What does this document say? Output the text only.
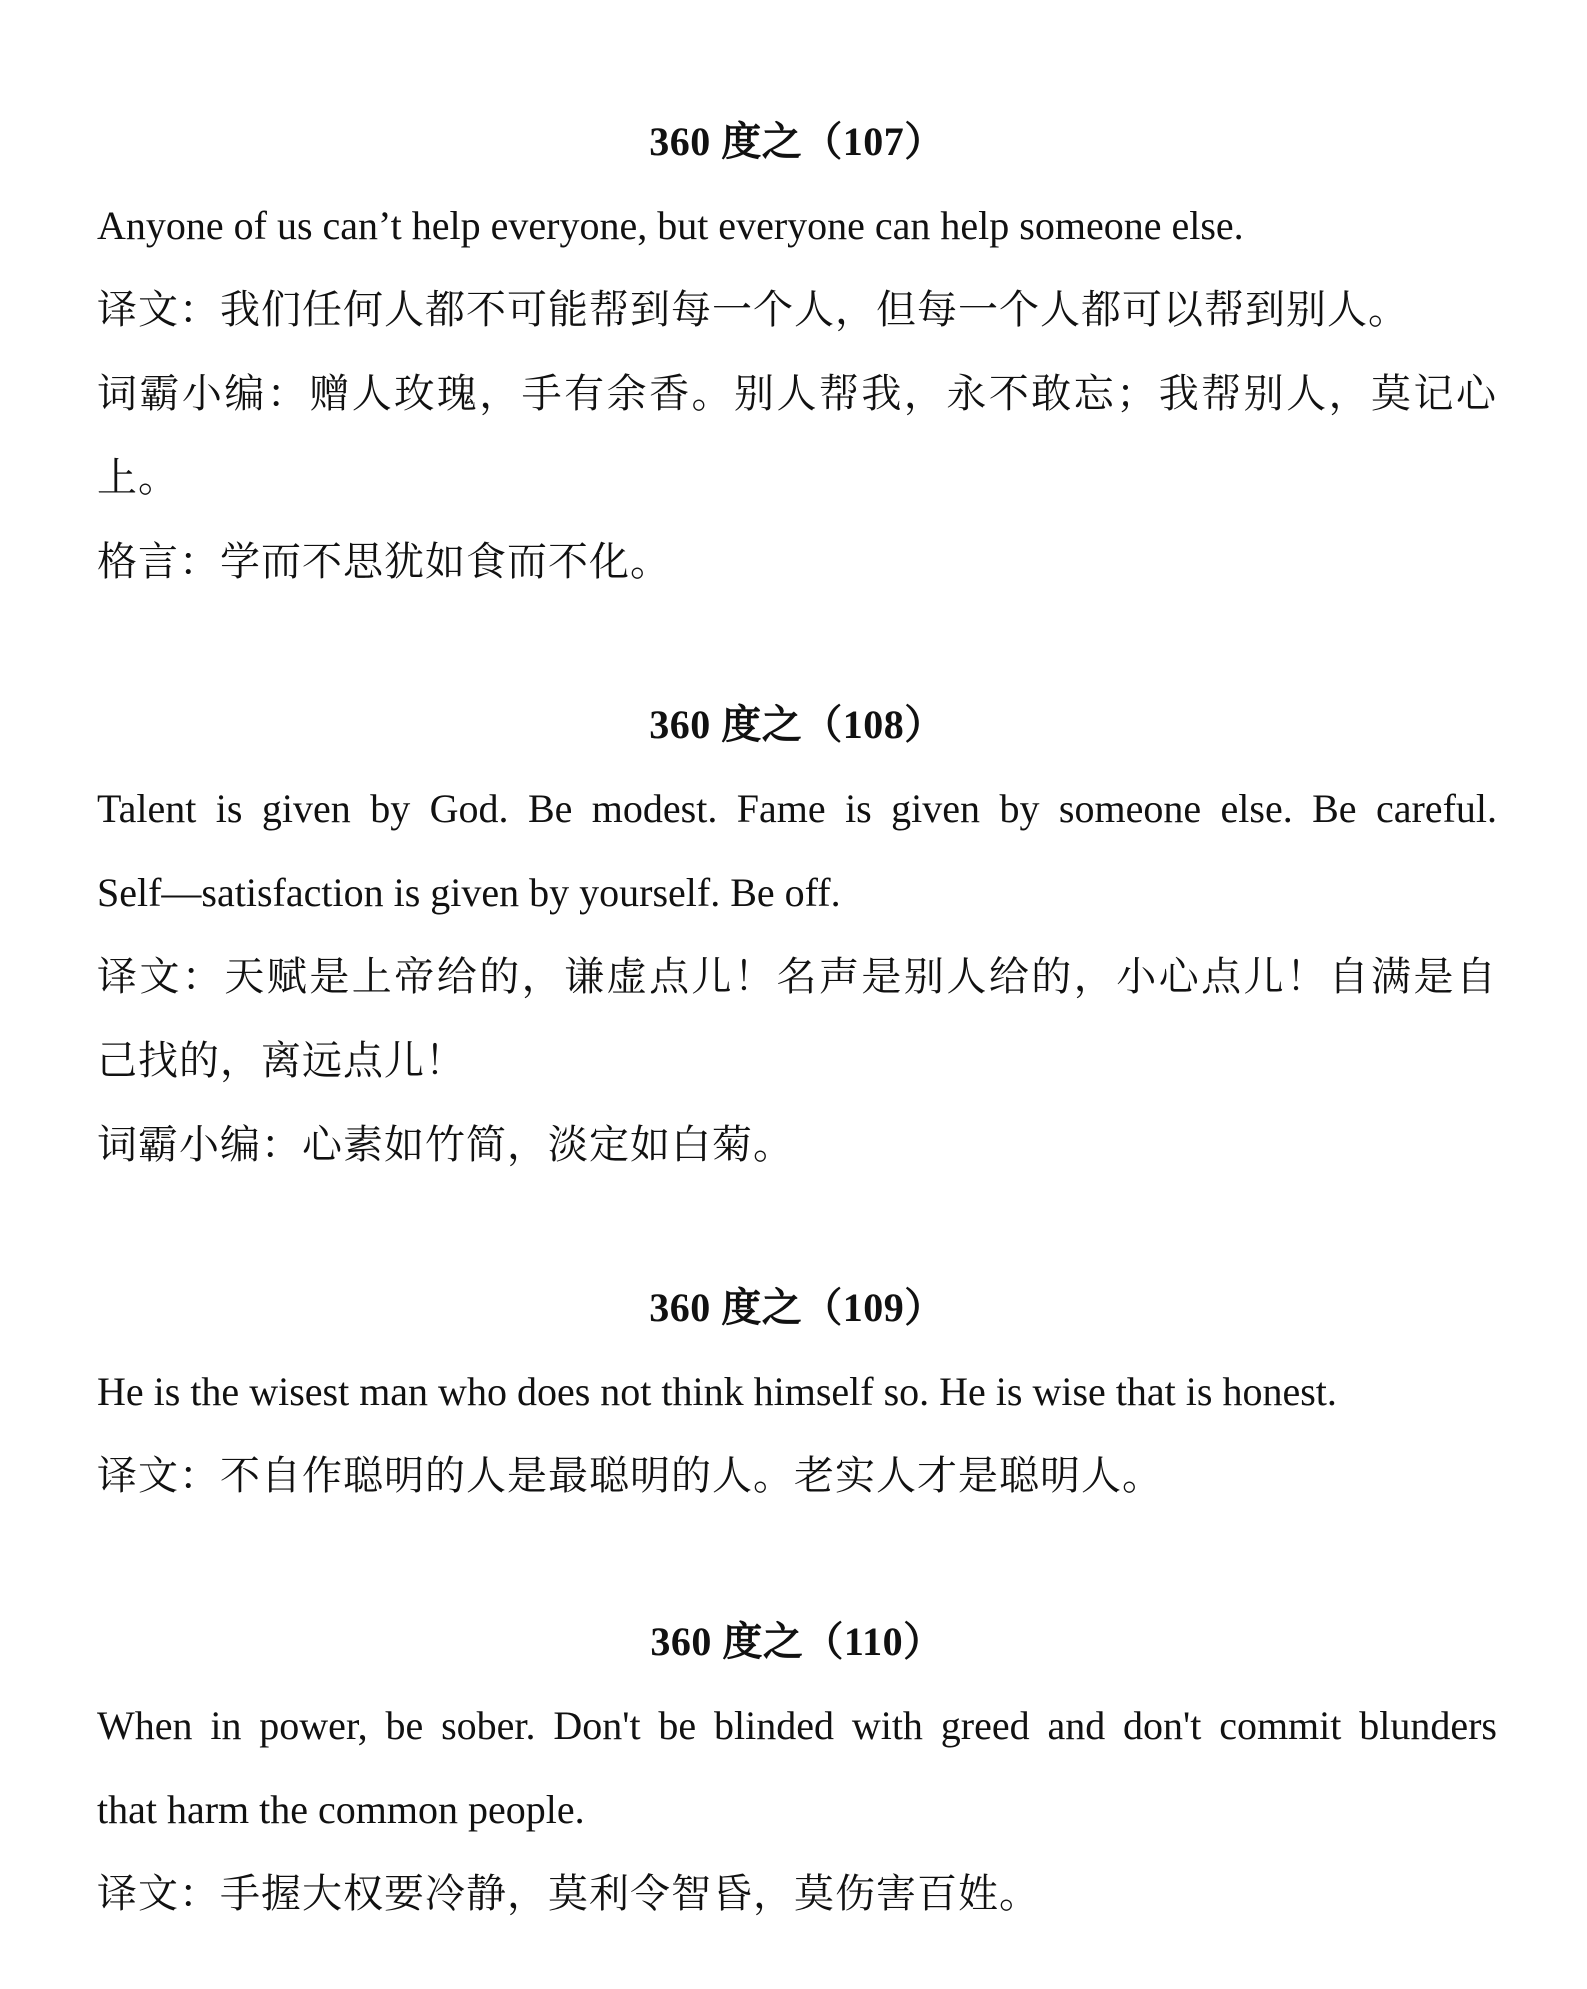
360 度之（107）
Anyone of us can’t help everyone, but everyone can help someone else.
译文：我们任何人都不可能帮到每一个人，但每一个人都可以帮到别人。
词霸小编：赠人玫瑰，手有余香。别人帮我，永不敢忘；我帮别人，莫记心
上。
格言：学而不思犹如食而不化。
360 度之（108）
Talent is given by God. Be modest. Fame is given by someone else. Be careful.
Self—satisfaction is given by yourself. Be off.
译文：天赋是上帝给的，谦虚点儿！名声是别人给的，小心点儿！自满是自
己找的，离远点儿！
词霸小编：心素如竹简，淡定如白菊。
360 度之（109）
He is the wisest man who does not think himself so. He is wise that is honest.
译文：不自作聪明的人是最聪明的人。老实人才是聪明人。
360 度之（110）
When in power, be sober. Don't be blinded with greed and don't commit blunders
that harm the common people.
译文：手握大权要冷静，莫利令智昏，莫伤害百姓。
